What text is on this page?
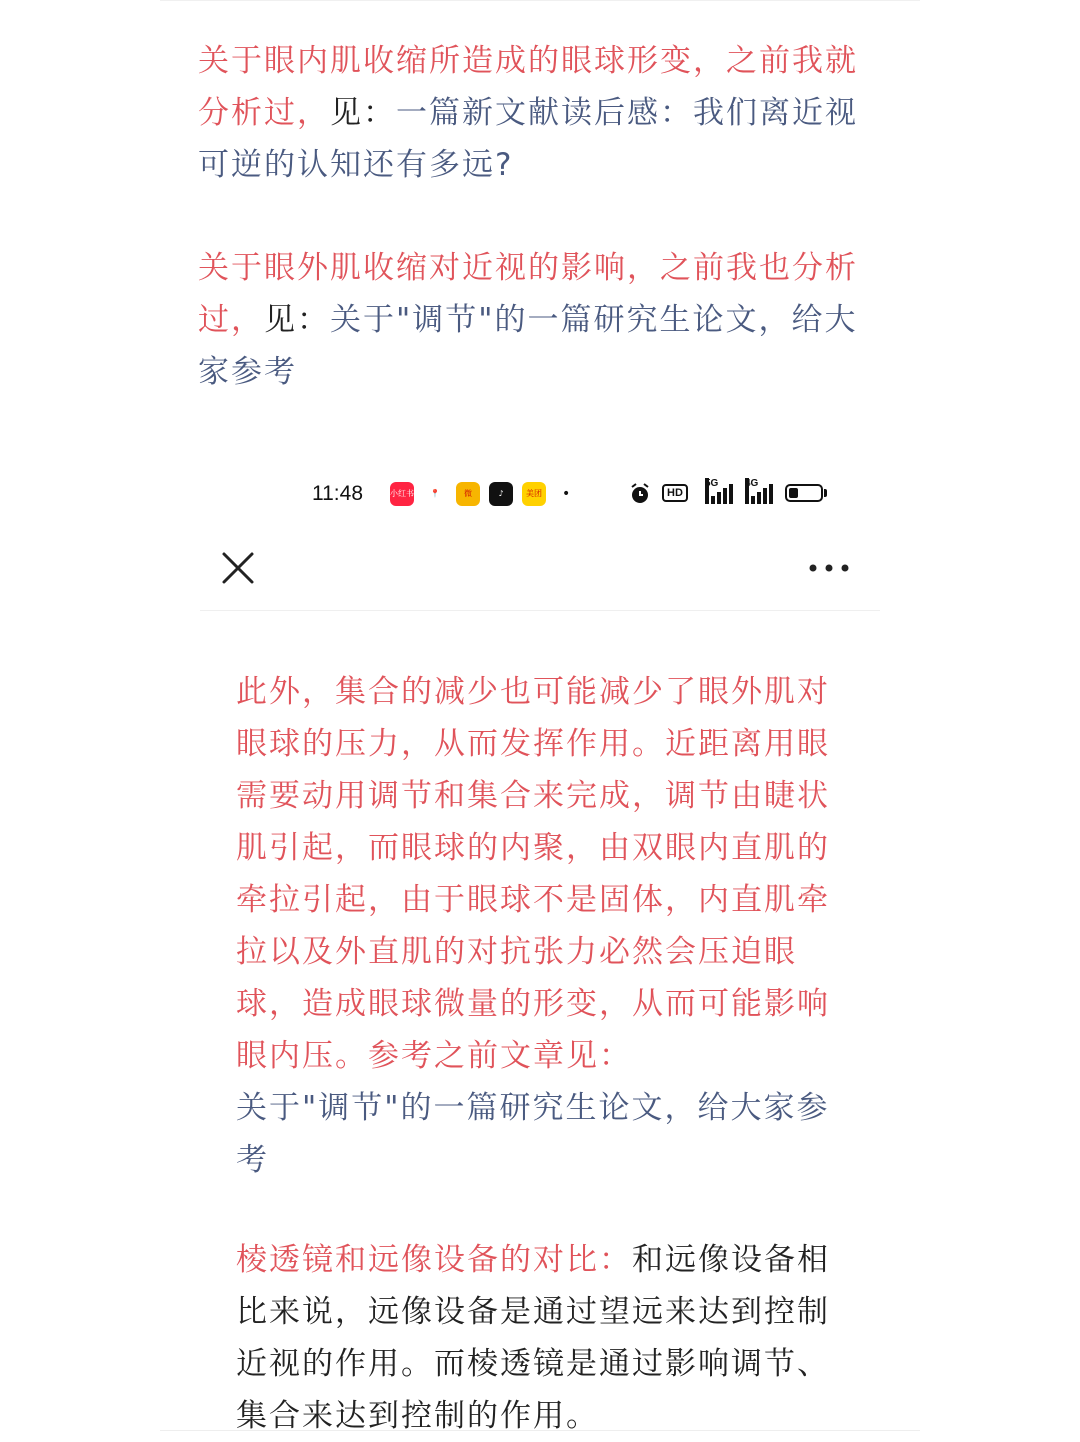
关于眼内肌收缩所造成的眼球形变，之前我就分析过，见：一篇新文献读后感：我们离近视可逆的认知还有多远?

关于眼外肌收缩对近视的影响，之前我也分析过，见：关于"调节"的一篇研究生论文，给大家参考

11:48	小红书	📍	微	♪	美团 •	HD
5G	4G

此外，集合的减少也可能减少了眼外肌对眼球的压力，从而发挥作用。近距离用眼需要动用调节和集合来完成，调节由睫状肌引起，而眼球的内聚，由双眼内直肌的牵拉引起，由于眼球不是固体，内直肌牵拉以及外直肌的对抗张力必然会压迫眼球，造成眼球微量的形变，从而可能影响眼内压。参考之前文章见：
关于"调节"的一篇研究生论文，给大家参考

棱透镜和远像设备的对比：和远像设备相比来说，远像设备是通过望远来达到控制近视的作用。而棱透镜是通过影响调节、集合来达到控制的作用。
